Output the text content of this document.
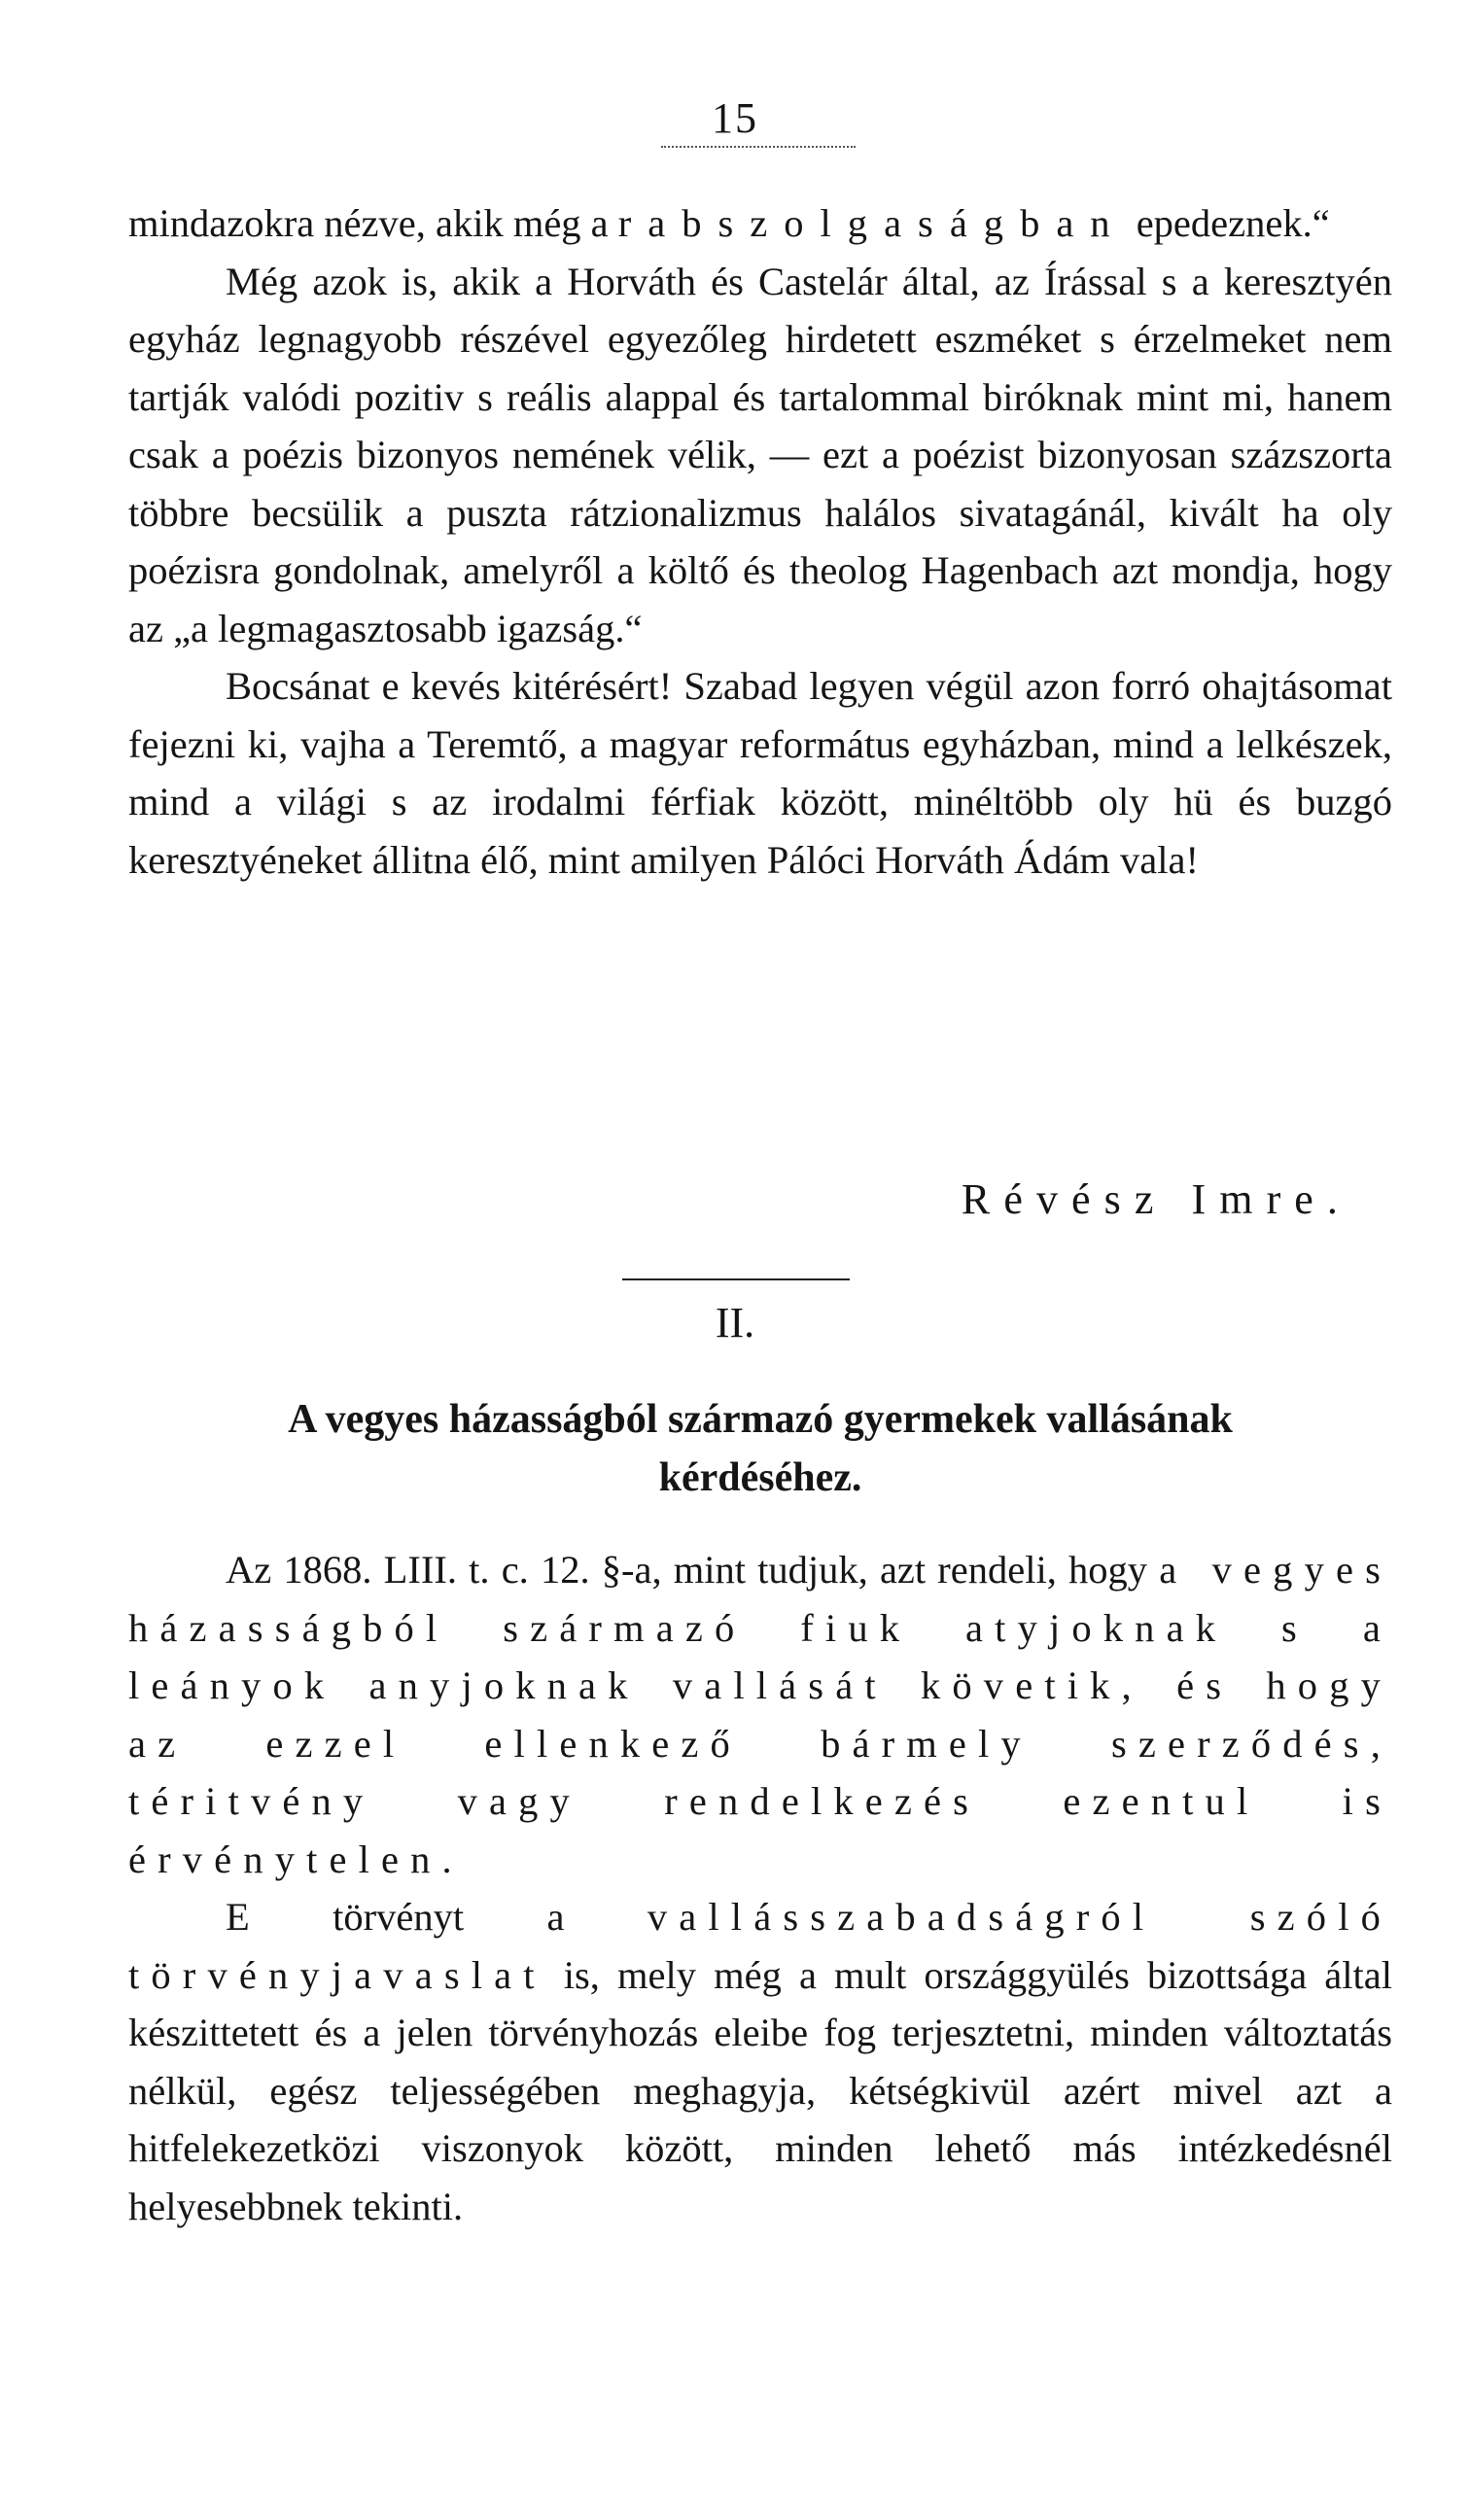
15

mindazokra nézve, akik még a rabszolgaságban epedeznek.“

Még azok is, akik a Horváth és Castelár által, az Írással s a keresztyén egyház legnagyobb részével egyezőleg hirdetett eszméket s érzelmeket nem tartják valódi pozitiv s reális alappal és tartalommal biróknak mint mi, hanem csak a poézis bizonyos nemének vélik, — ezt a poézist bizonyosan százszorta többre becsülik a puszta rátzionalizmus halálos sivatagánál, kivált ha oly poézisra gondolnak, amelyről a költő és theolog Hagenbach azt mondja, hogy az „a legmagasztosabb igazság.“

Bocsánat e kevés kitérésért! Szabad legyen végül azon forró ohajtásomat fejezni ki, vajha a Teremtő, a magyar református egyházban, mind a lelkészek, mind a világi s az irodalmi férfiak között, minéltöbb oly hü és buzgó keresztyéneket állitna élő, mint amilyen Pálóci Horváth Ádám vala!

Révész Imre.
II.
A vegyes házasságból származó gyermekek vallásának
kérdéséhez.

Az 1868. LIII. t. c. 12. §-a, mint tudjuk, azt rendeli, hogy a vegyes házasságból származó fiuk atyjoknak s a leányok anyjoknak vallását követik, és hogy az ezzel ellenkező bármely szerződés, téritvény vagy rendelkezés ezentul is érvénytelen.

E törvényt a vallásszabadságról szóló törvényjavaslat is, mely még a mult országgyülés bizottsága által készittetett és a jelen törvényhozás eleibe fog terjesztetni, minden változtatás nélkül, egész teljességében meghagyja, kétségkivül azért mivel azt a hitfelekezetközi viszonyok között, minden lehető más intézkedésnél helyesebbnek tekinti.
